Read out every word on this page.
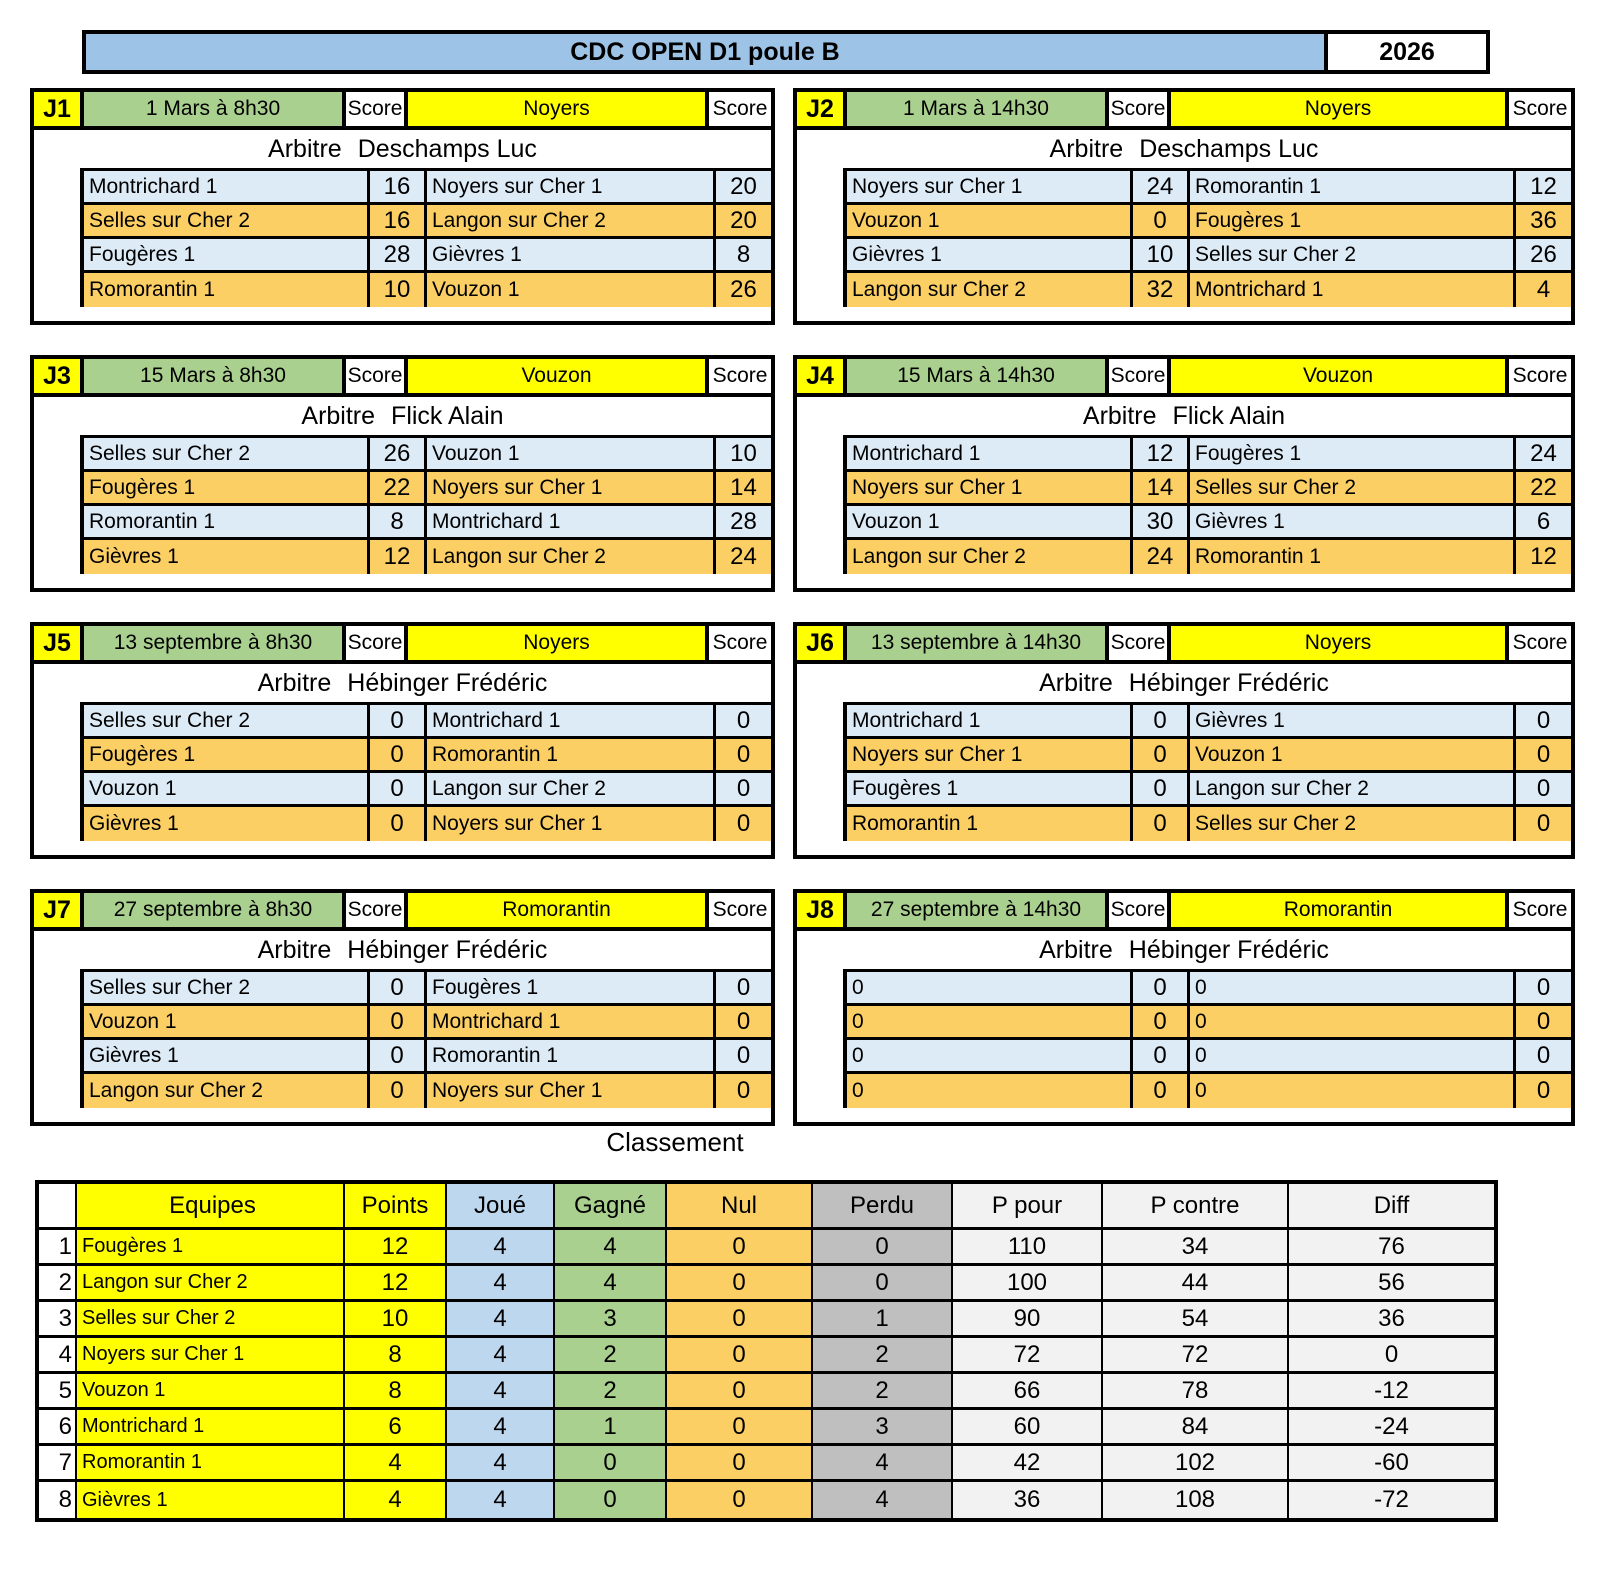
CDC OPEN D1 poule B	2026
J1	1 Mars à 8h30	Score	Noyers	Score
Arbitre Deschamps Luc
Montrichard 1	16	Noyers sur Cher 1	20
Selles sur Cher 2	16	Langon sur Cher 2	20
Fougères 1	28	Gièvres 1	8
Romorantin 1	10	Vouzon 1	26
J2	1 Mars à 14h30	Score	Noyers	Score
Arbitre Deschamps Luc
Noyers sur Cher 1	24	Romorantin 1	12
Vouzon 1	0	Fougères 1	36
Gièvres 1	10	Selles sur Cher 2	26
Langon sur Cher 2	32	Montrichard 1	4
J3	15 Mars à 8h30	Score	Vouzon	Score
Arbitre Flick Alain
Selles sur Cher 2	26	Vouzon 1	10
Fougères 1	22	Noyers sur Cher 1	14
Romorantin 1	8	Montrichard 1	28
Gièvres 1	12	Langon sur Cher 2	24
J4	15 Mars à 14h30	Score	Vouzon	Score
Arbitre Flick Alain
Montrichard 1	12	Fougères 1	24
Noyers sur Cher 1	14	Selles sur Cher 2	22
Vouzon 1	30	Gièvres 1	6
Langon sur Cher 2	24	Romorantin 1	12
J5	13 septembre à 8h30	Score	Noyers	Score
Arbitre Hébinger Frédéric
Selles sur Cher 2	0	Montrichard 1	0
Fougères 1	0	Romorantin 1	0
Vouzon 1	0	Langon sur Cher 2	0
Gièvres 1	0	Noyers sur Cher 1	0
J6	13 septembre à 14h30	Score	Noyers	Score
Arbitre Hébinger Frédéric
Montrichard 1	0	Gièvres 1	0
Noyers sur Cher 1	0	Vouzon 1	0
Fougères 1	0	Langon sur Cher 2	0
Romorantin 1	0	Selles sur Cher 2	0
J7	27 septembre à 8h30	Score	Romorantin	Score
Arbitre Hébinger Frédéric
Selles sur Cher 2	0	Fougères 1	0
Vouzon 1	0	Montrichard 1	0
Gièvres 1	0	Romorantin 1	0
Langon sur Cher 2	0	Noyers sur Cher 1	0
J8	27 septembre à 14h30	Score	Romorantin	Score
Arbitre Hébinger Frédéric
0	0	0	0
0	0	0	0
0	0	0	0
0	0	0	0
Classement
Equipes	Points	Joué	Gagné	Nul	Perdu	P pour	P contre	Diff
1 Fougères 1	12	4	4	0	0	110	34	76
2 Langon sur Cher 2	12	4	4	0	0	100	44	56
3 Selles sur Cher 2	10	4	3	0	1	90	54	36
4 Noyers sur Cher 1	8	4	2	0	2	72	72	0
5 Vouzon 1	8	4	2	0	2	66	78	-12
6 Montrichard 1	6	4	1	0	3	60	84	-24
7 Romorantin 1	4	4	0	0	4	42	102	-60
8 Gièvres 1	4	4	0	0	4	36	108	-72
